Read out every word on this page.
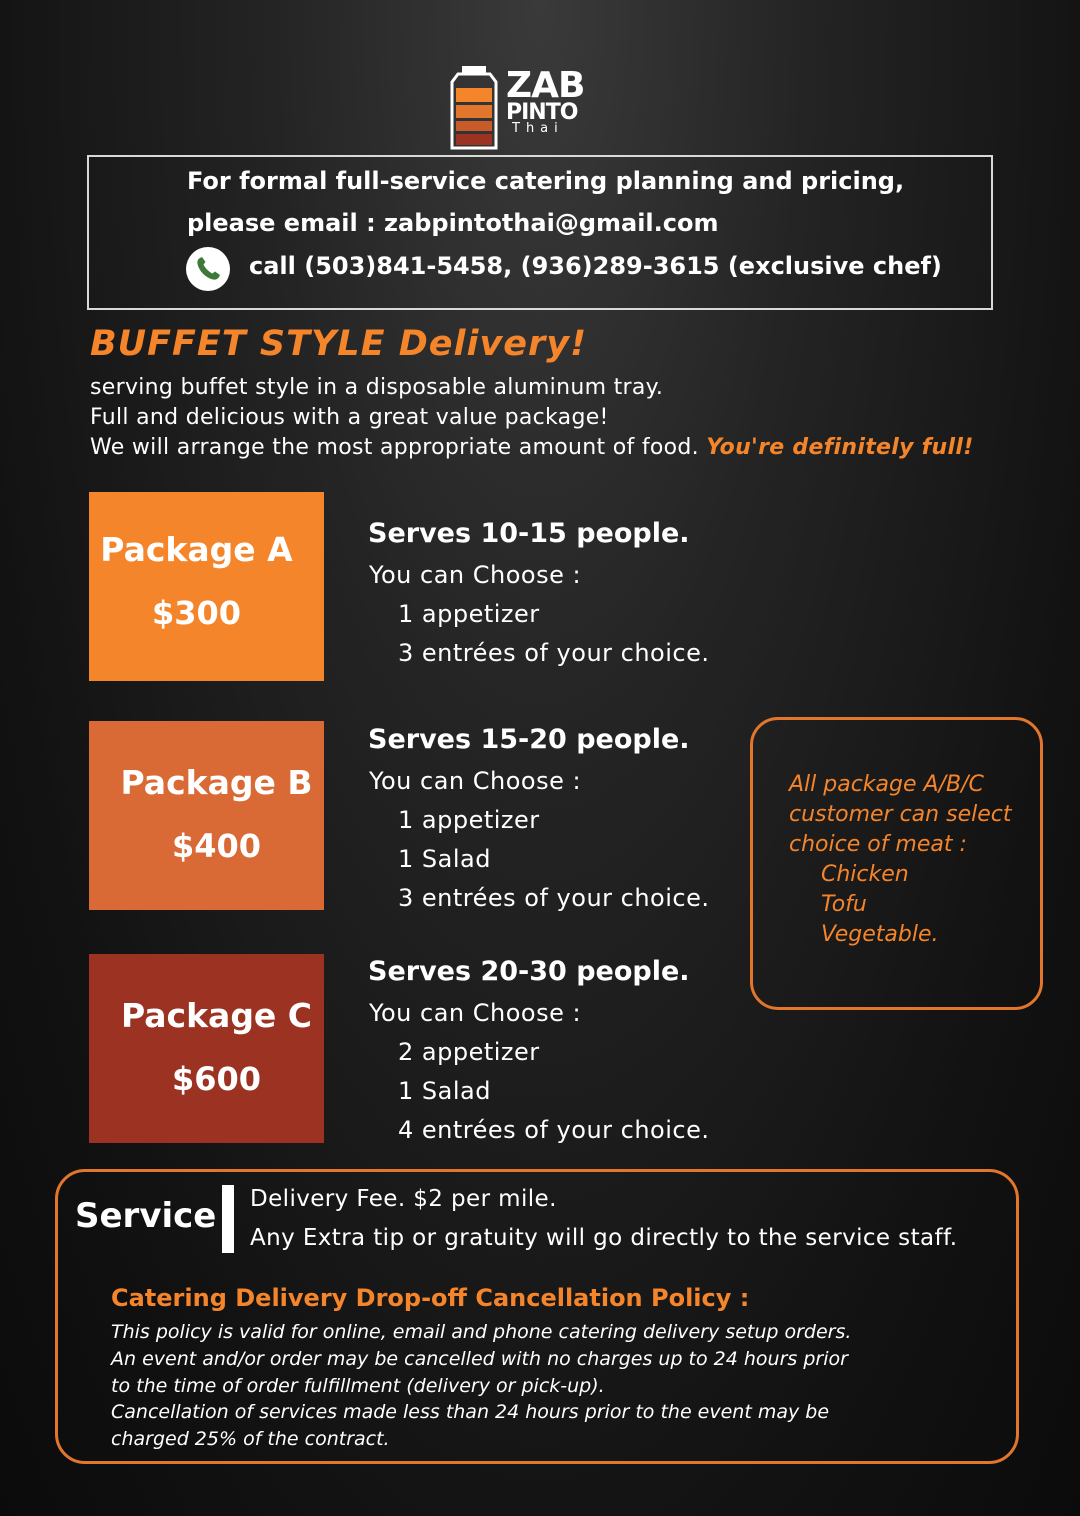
ZAB
PINTO
Thai
For formal full-service catering planning and pricing,
please email : zabpintothai@gmail.com
call (503)841-5458, (936)289-3615 (exclusive chef)
BUFFET STYLE Delivery!
serving buffet style in a disposable aluminum tray.
Full and delicious with a great value package!
We will arrange the most appropriate amount of food. You're definitely full!
Package A
$300
Serves 10-15 people.
You can Choose :
1 appetizer
3 entrées of your choice.
Package B
$400
Serves 15-20 people.
You can Choose :
1 appetizer
1 Salad
3 entrées of your choice.
Package C
$600
Serves 20-30 people.
You can Choose :
2 appetizer
1 Salad
4 entrées of your choice.
All package A/B/C
customer can select
choice of meat :
Chicken
Tofu
Vegetable.
Service Delivery Fee. $2 per mile.
Any Extra tip or gratuity will go directly to the service staff.
Catering Delivery Drop-off Cancellation Policy :
This policy is valid for online, email and phone catering delivery setup orders.
An event and/or order may be cancelled with no charges up to 24 hours prior
to the time of order fulfillment (delivery or pick-up).
Cancellation of services made less than 24 hours prior to the event may be
charged 25% of the contract.
